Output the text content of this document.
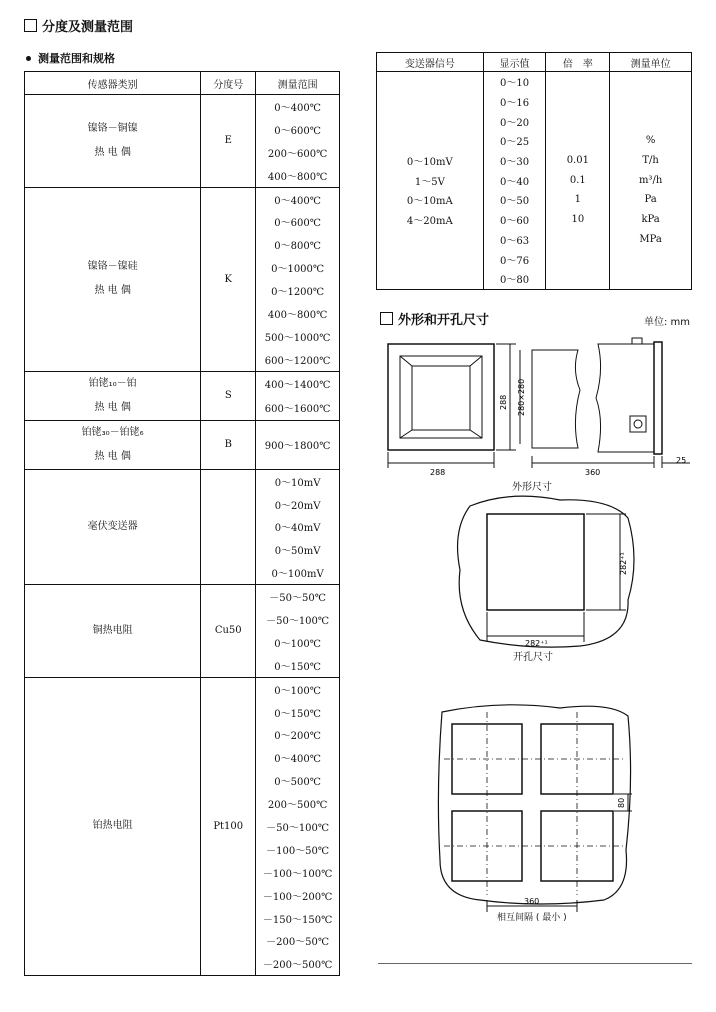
分度及测量范围
测量范围和规格
传感器类别	分度号	测量范围

镍铬－铜镍
热 电 偶	E	0～400℃
		0～600℃
		200～600℃
		400～800℃

镍铬－镍硅
热 电 偶	K	0～400℃
		0～600℃
		0～800℃
		0～1000℃
		0～1200℃
		400～800℃
		500～1000℃
		600～1200℃

铂铑₁₀－铂
热 电 偶	S	400～1400℃
		600～1600℃

铂铑₃₀－铂铑₆
热 电 偶	B	900～1800℃

毫伏变送器		0～10mV
		0～20mV
		0～40mV
		0～50mV
		0～100mV

铜热电阻	Cu50	－50～50℃
		－50～100℃
		0～100℃
		0～150℃

铂热电阻	Pt100	0～100℃
		0～150℃
		0～200℃
		0～400℃
		0～500℃
		200～500℃
		－50～100℃
		－100～50℃
		－100～100℃
		－100～200℃
		－150～150℃
		－200～50℃
		－200～500℃
变送器信号	显示值	倍　率	测量单位
	0～10		
	0～16		
	0～20		
	0～25		%
0～10mV	0～30	0.01	T/h
1～5V	0～40	0.1	m³/h
0～10mA	0～50	1	Pa
4～20mA	0～60	10	kPa
	0～63		MPa
	0～76		
	0～80		
外形和开孔尺寸	单位: mm
288
288 280×280
360
25
282⁺¹
282⁺¹
80
360
外形尺寸
开孔尺寸
相互间隔 ( 最小 )
